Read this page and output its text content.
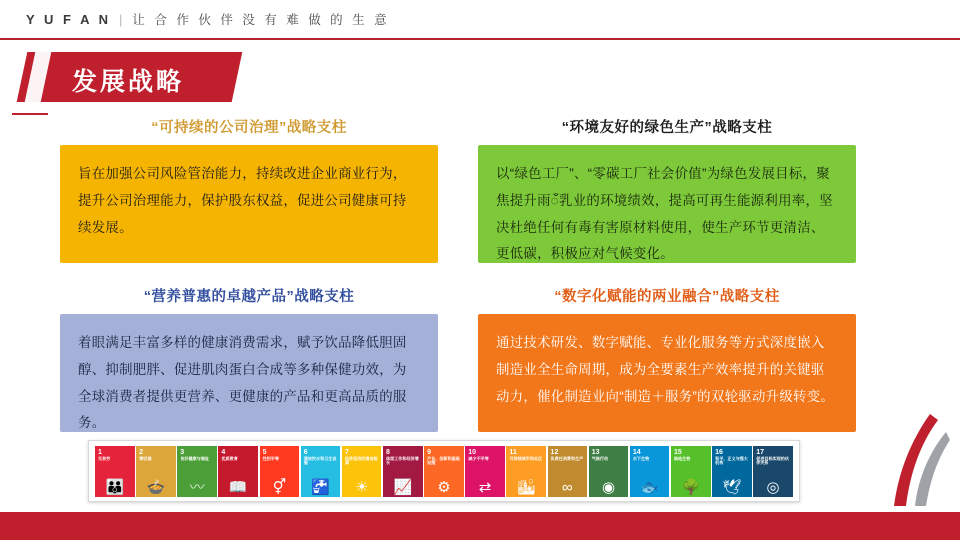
Y U F A N | 让 合 作 伙 伴 没 有 难 做 的 生 意
发展战略
“可持续的公司治理”战略支柱
旨在加强公司风险管治能力，持续改进企业商业行为，提升公司治理能力，保护股东权益，促进公司健康可持续发展。
“营养普惠的卓越产品”战略支柱
着眼满足丰富多样的健康消费需求，赋予饮品降低胆固醇、抑制肥胖、促进肌肉蛋白合成等多种保健功效，为全球消费者提供更营养、更健康的产品和更高品质的服务。
“环境友好的绿色生产”战略支柱
以“绿色工厂”、“零碳工厂社会价值”为绿色发展目标，聚焦提升雨ँ乳业的环境绩效，提高可再生能源利用率，坚决杜绝任何有毒有害原材料使用，使生产环节更清洁、更低碳，积极应对气候变化。
“数字化赋能的两业融合”战略支柱
通过技术研发、数字赋能、专业化服务等方式深度嵌入制造业全生命周期，成为全要素生产效率提升的关键驱动力，催化制造业向“制造＋服务”的双轮驱动升级转变。
1
无贫穷
👪
2
零饥饿
🍲
3
良好健康与福祉
〰
4
优质教育
📖
5
性别平等
⚥
6
清洁饮水和卫生设施
🚰
7
经济适用的清洁能源
☀
8
体面工作和经济增长
📈
9
产业、创新和基础设施
⚙
10
减少不平等
⇄
11
可持续城市和社区
🏙
12
负责任消费和生产
∞
13
气候行动
◉
14
水下生物
🐟
15
陆地生物
🌳
16
和平、正义与强大机构
🕊
17
促进目标实现的伙伴关系
◎
